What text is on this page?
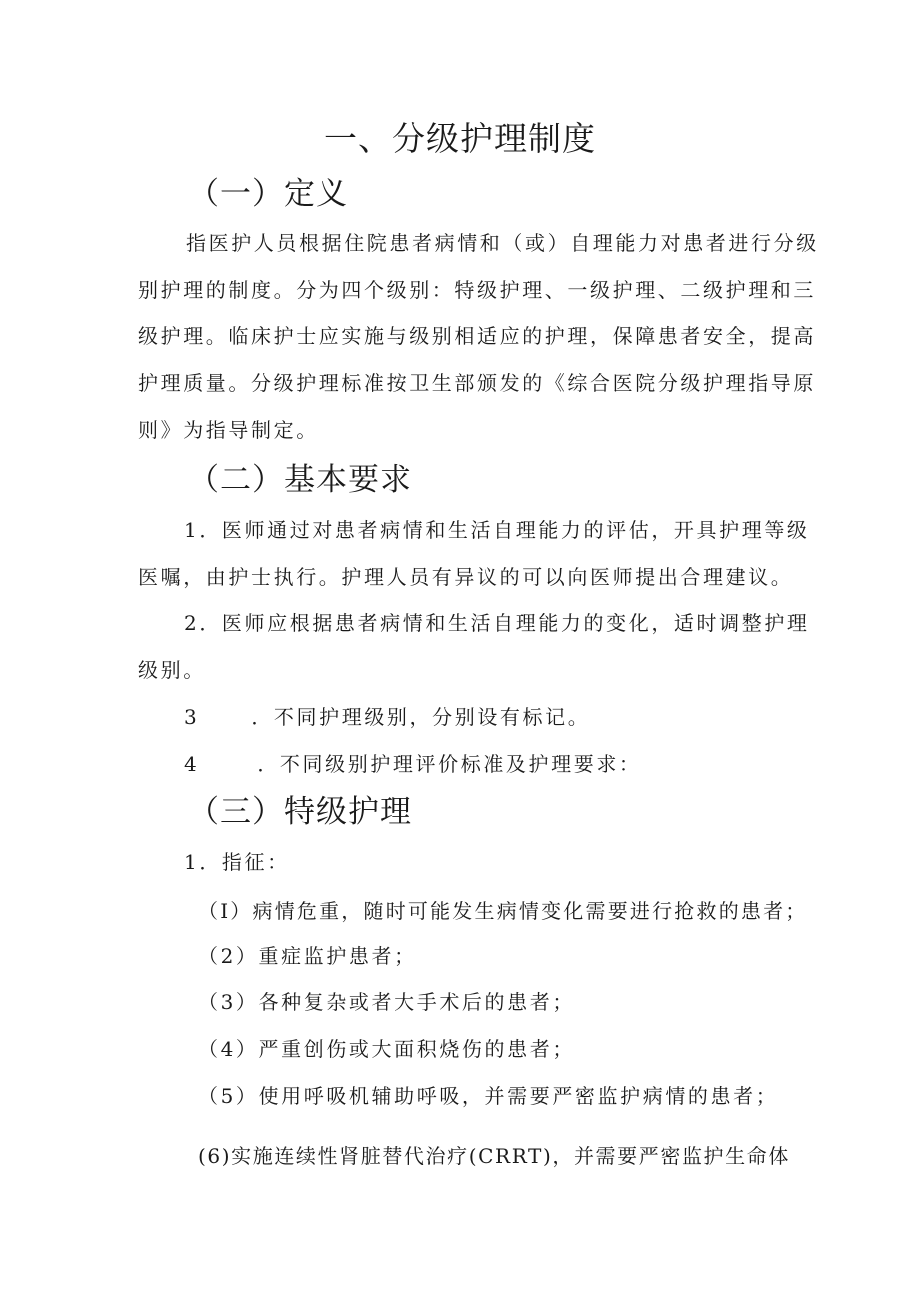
一、分级护理制度
（一）定义
指医护人员根据住院患者病情和（或）自理能力对患者进行分级
别护理的制度。分为四个级别：特级护理、一级护理、二级护理和三
级护理。临床护士应实施与级别相适应的护理，保障患者安全，提高
护理质量。分级护理标准按卫生部颁发的《综合医院分级护理指导原
则》为指导制定。
（二）基本要求
1．医师通过对患者病情和生活自理能力的评估，开具护理等级
医嘱，由护士执行。护理人员有异议的可以向医师提出合理建议。
2．医师应根据患者病情和生活自理能力的变化，适时调整护理
级别。
3	．不同护理级别，分别设有标记。
4	．不同级别护理评价标准及护理要求：
（三）特级护理
1．指征：
（I）病情危重，随时可能发生病情变化需要进行抢救的患者；
（2）重症监护患者；
（3）各种复杂或者大手术后的患者；
（4）严重创伤或大面积烧伤的患者；
（5）使用呼吸机辅助呼吸，并需要严密监护病情的患者；
(6)实施连续性肾脏替代治疗(CRRT)，并需要严密监护生命体
